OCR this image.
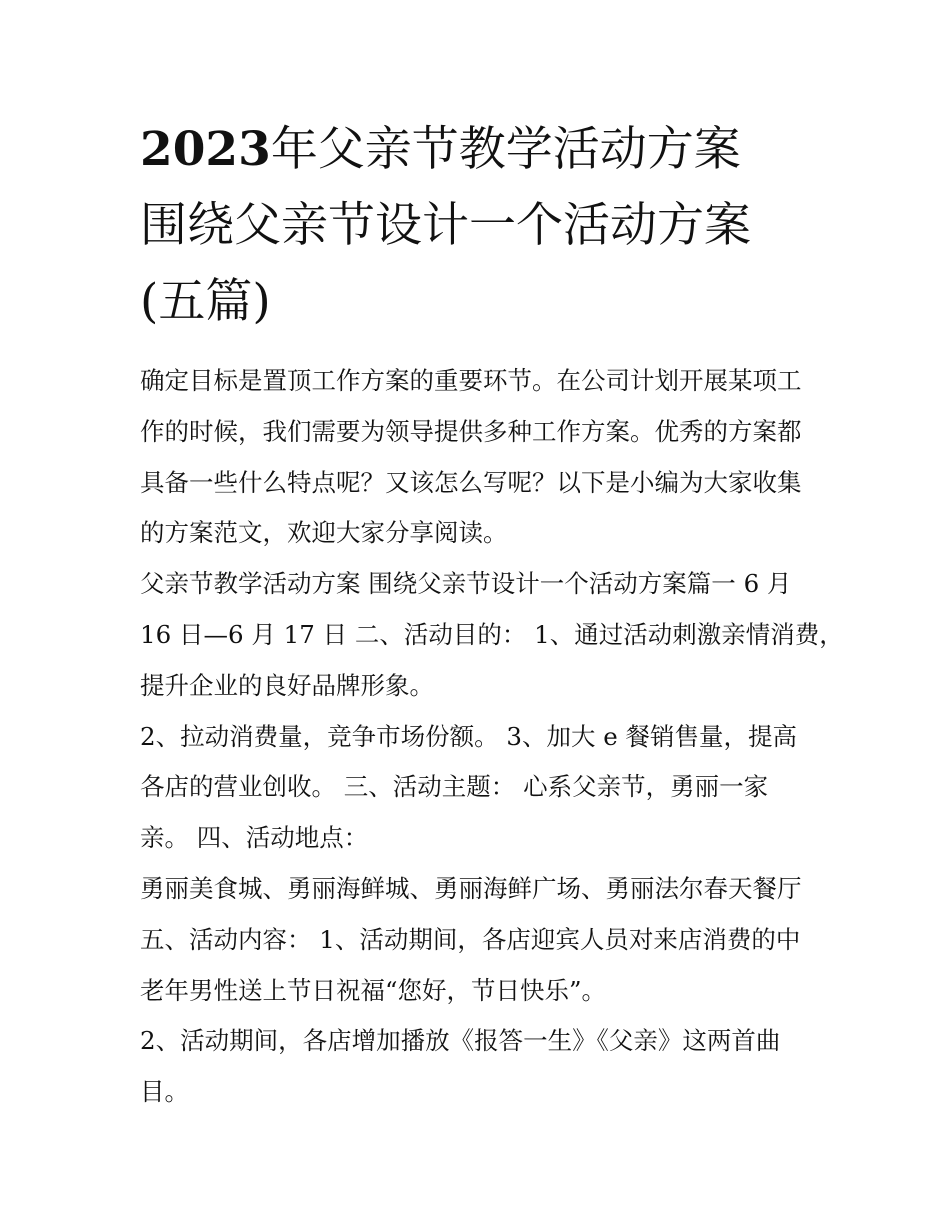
2023年父亲节教学活动方案
围绕父亲节设计一个活动方案
(五篇)

确定目标是置顶工作方案的重要环节。在公司计划开展某项工

作的时候，我们需要为领导提供多种工作方案。优秀的方案都

具备一些什么特点呢？又该怎么写呢？以下是小编为大家收集

的方案范文，欢迎大家分享阅读。

父亲节教学活动方案 围绕父亲节设计一个活动方案篇一 6 月

16 日—6 月 17 日 二、活动目的： 1、通过活动刺激亲情消费，

提升企业的良好品牌形象。

2、拉动消费量，竞争市场份额。 3、加大 e 餐销售量，提高

各店的营业创收。 三、活动主题： 心系父亲节，勇丽一家

亲。 四、活动地点：

勇丽美食城、勇丽海鲜城、勇丽海鲜广场、勇丽法尔春天餐厅

五、活动内容： 1、活动期间，各店迎宾人员对来店消费的中

老年男性送上节日祝福“您好，节日快乐”。

2、活动期间，各店增加播放《报答一生》《父亲》这两首曲

目。
